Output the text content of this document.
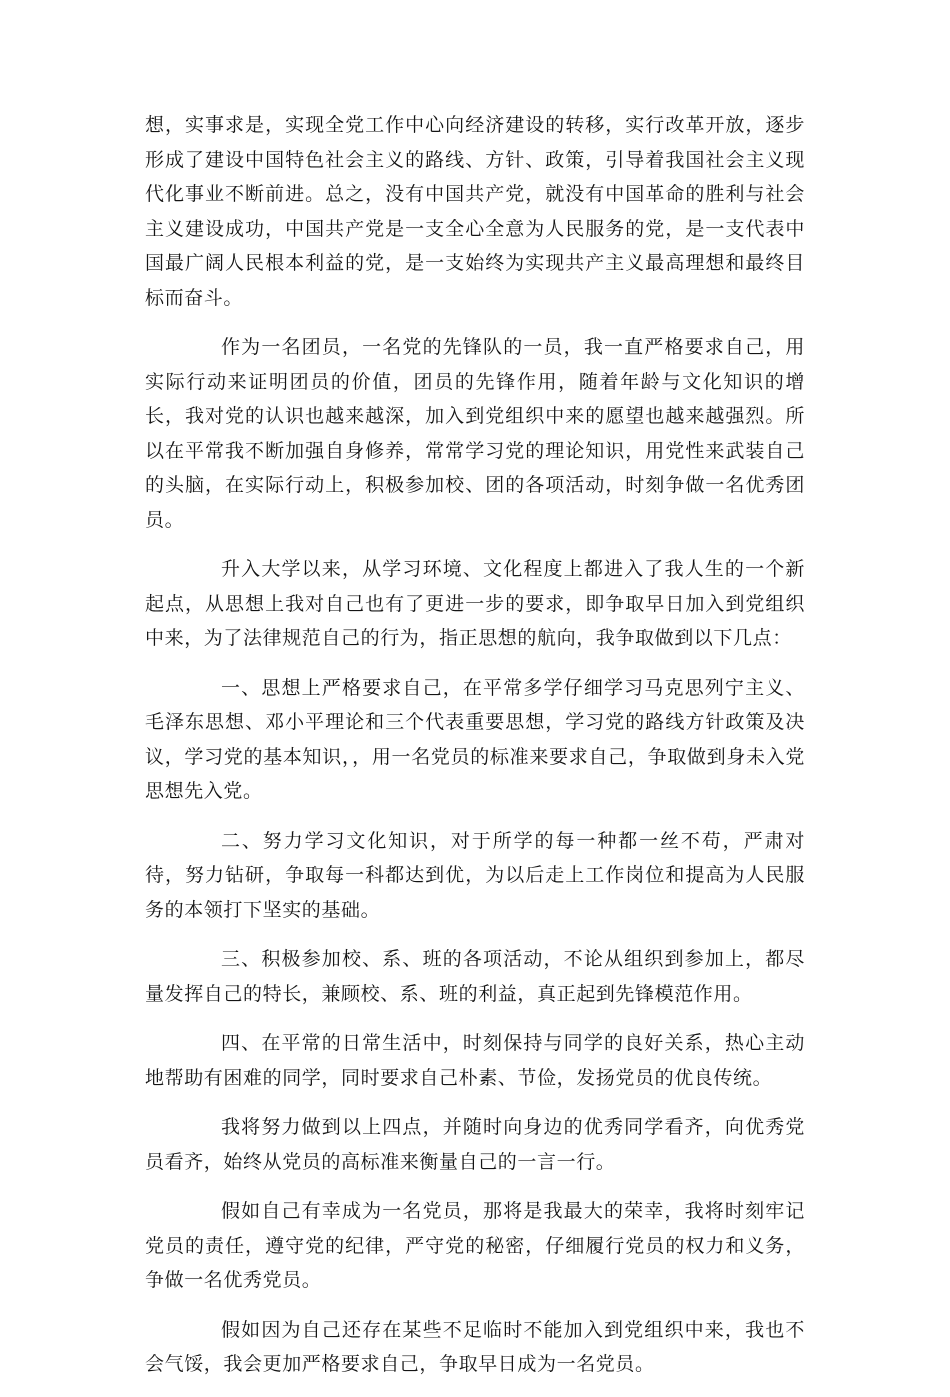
想，实事求是，实现全党工作中心向经济建设的转移，实行改革开放，逐步形成了建设中国特色社会主义的路线、方针、政策，引导着我国社会主义现代化事业不断前进。总之，没有中国共产党，就没有中国革命的胜利与社会主义建设成功，中国共产党是一支全心全意为人民服务的党，是一支代表中国最广阔人民根本利益的党，是一支始终为实现共产主义最高理想和最终目标而奋斗。

作为一名团员，一名党的先锋队的一员，我一直严格要求自己，用实际行动来证明团员的价值，团员的先锋作用，随着年龄与文化知识的增长，我对党的认识也越来越深，加入到党组织中来的愿望也越来越强烈。所以在平常我不断加强自身修养，常常学习党的理论知识，用党性来武装自己的头脑，在实际行动上，积极参加校、团的各项活动，时刻争做一名优秀团员。

升入大学以来，从学习环境、文化程度上都进入了我人生的一个新起点，从思想上我对自己也有了更进一步的要求，即争取早日加入到党组织中来，为了法律规范自己的行为，指正思想的航向，我争取做到以下几点：

一、思想上严格要求自己，在平常多学仔细学习马克思列宁主义、毛泽东思想、邓小平理论和三个代表重要思想，学习党的路线方针政策及决议，学习党的基本知识，，用一名党员的标准来要求自己，争取做到身未入党思想先入党。

二、努力学习文化知识，对于所学的每一种都一丝不苟，严肃对待，努力钻研，争取每一科都达到优，为以后走上工作岗位和提高为人民服务的本领打下坚实的基础。

三、积极参加校、系、班的各项活动，不论从组织到参加上，都尽量发挥自己的特长，兼顾校、系、班的利益，真正起到先锋模范作用。

四、在平常的日常生活中，时刻保持与同学的良好关系，热心主动地帮助有困难的同学，同时要求自己朴素、节俭，发扬党员的优良传统。

我将努力做到以上四点，并随时向身边的优秀同学看齐，向优秀党员看齐，始终从党员的高标准来衡量自己的一言一行。

假如自己有幸成为一名党员，那将是我最大的荣幸，我将时刻牢记党员的责任，遵守党的纪律，严守党的秘密，仔细履行党员的权力和义务，争做一名优秀党员。

假如因为自己还存在某些不足临时不能加入到党组织中来，我也不会气馁，我会更加严格要求自己，争取早日成为一名党员。
